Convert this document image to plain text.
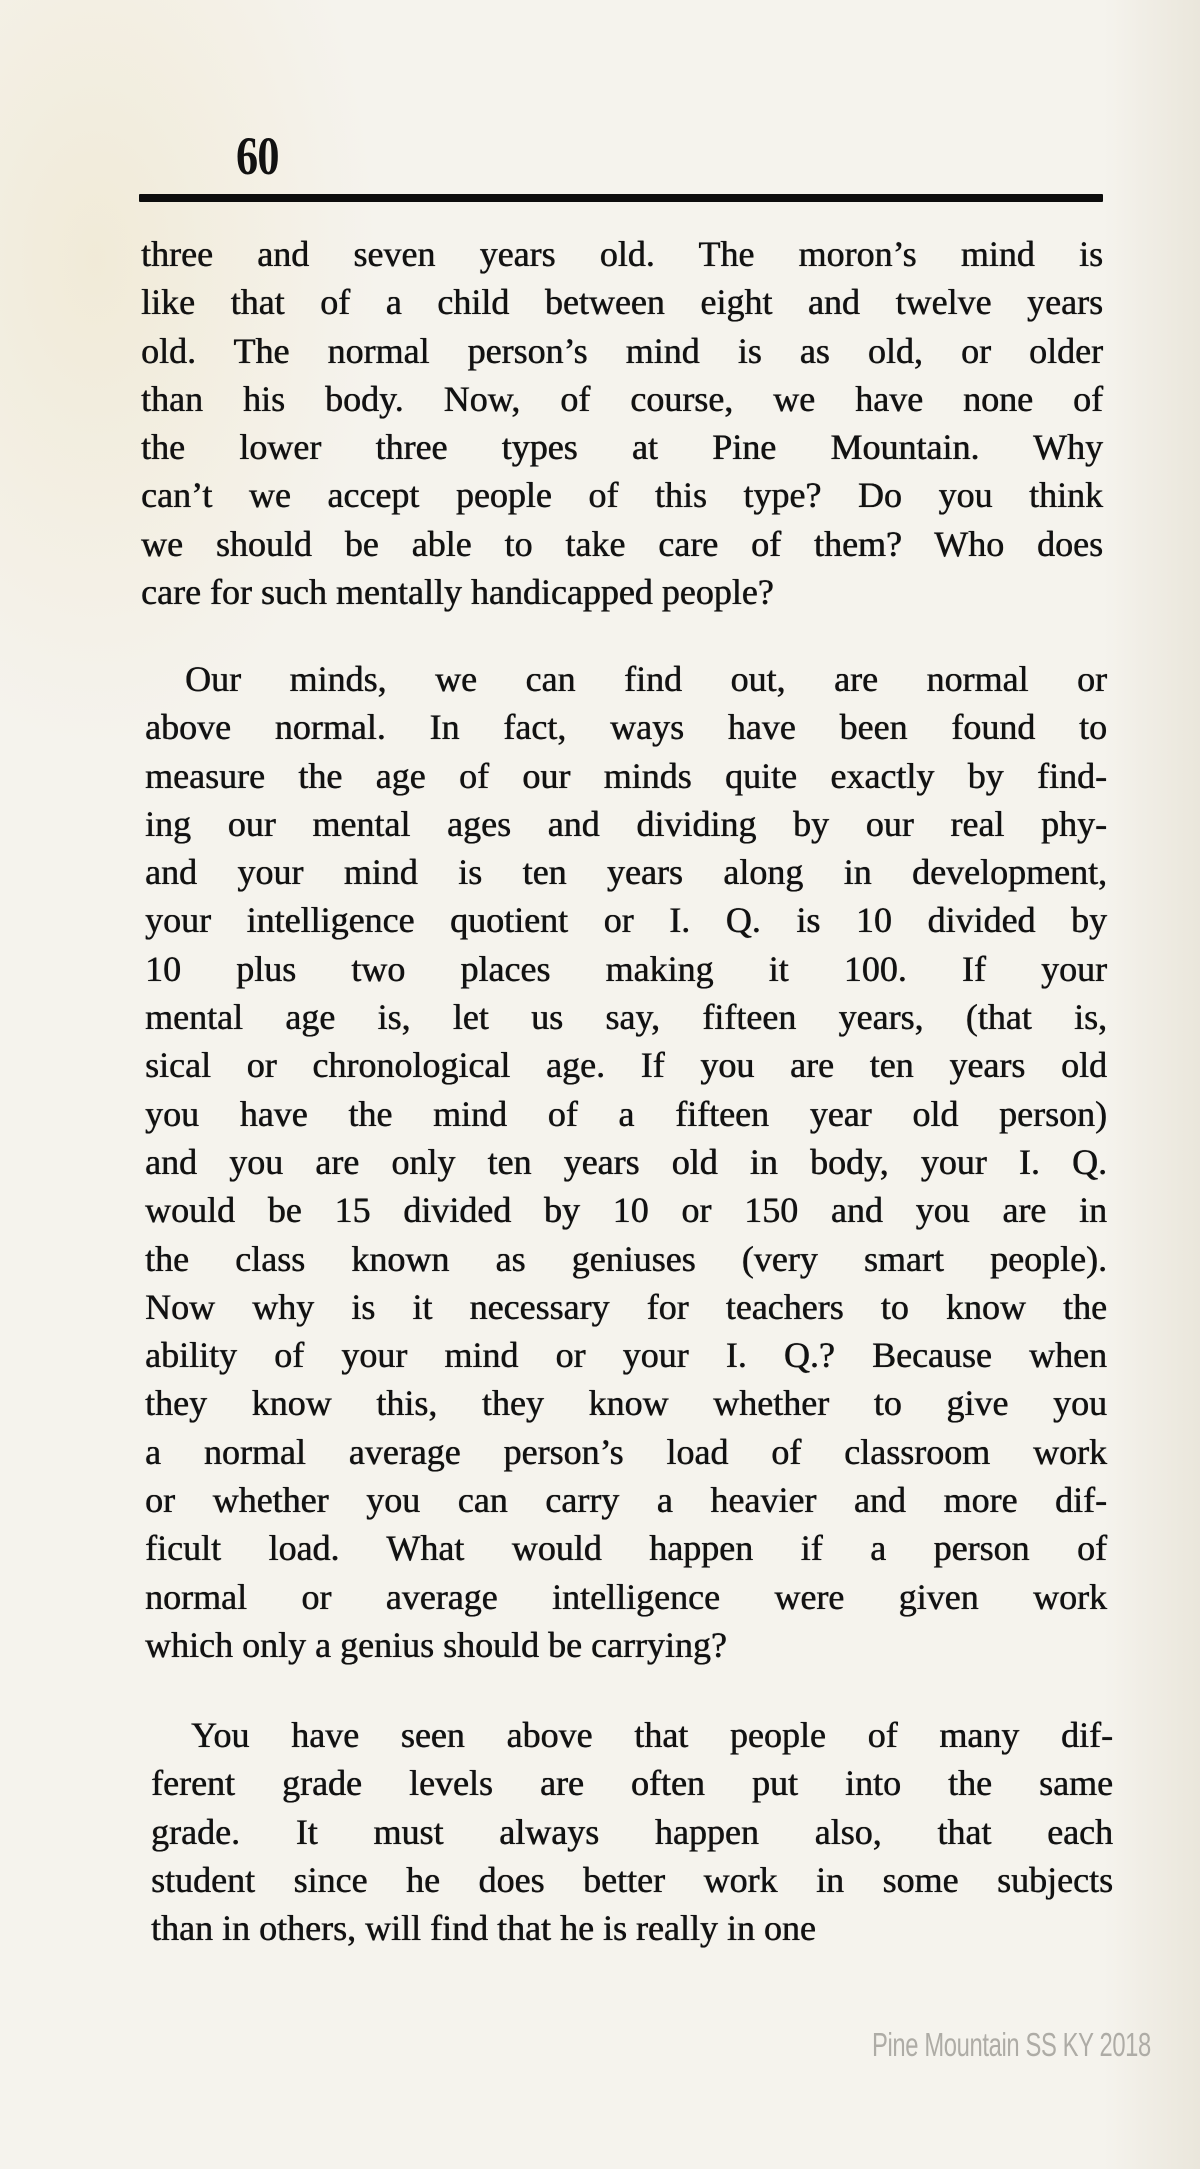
60
three and seven years old. The moron’s mind is
like that of a child between eight and twelve years
old. The normal person’s mind is as old, or older
than his body. Now, of course, we have none of
the lower three types at Pine Mountain. Why
can’t we accept people of this type? Do you think
we should be able to take care of them? Who does
care for such mentally handicapped people?
Our minds, we can find out, are normal or
above normal. In fact, ways have been found to
measure the age of our minds quite exactly by find-
ing our mental ages and dividing by our real phy-
and your mind is ten years along in development,
your intelligence quotient or I. Q. is 10 divided by
10 plus two places making it 100. If your
mental age is, let us say, fifteen years, (that is,
sical or chronological age. If you are ten years old
you have the mind of a fifteen year old person)
and you are only ten years old in body, your I. Q.
would be 15 divided by 10 or 150 and you are in
the class known as geniuses (very smart people).
Now why is it necessary for teachers to know the
ability of your mind or your I. Q.? Because when
they know this, they know whether to give you
a normal average person’s load of classroom work
or whether you can carry a heavier and more dif-
ficult load. What would happen if a person of
normal or average intelligence were given work
which only a genius should be carrying?
You have seen above that people of many dif-
ferent grade levels are often put into the same
grade. It must always happen also, that each
student since he does better work in some subjects
than in others, will find that he is really in one
Pine Mountain SS KY 2018
